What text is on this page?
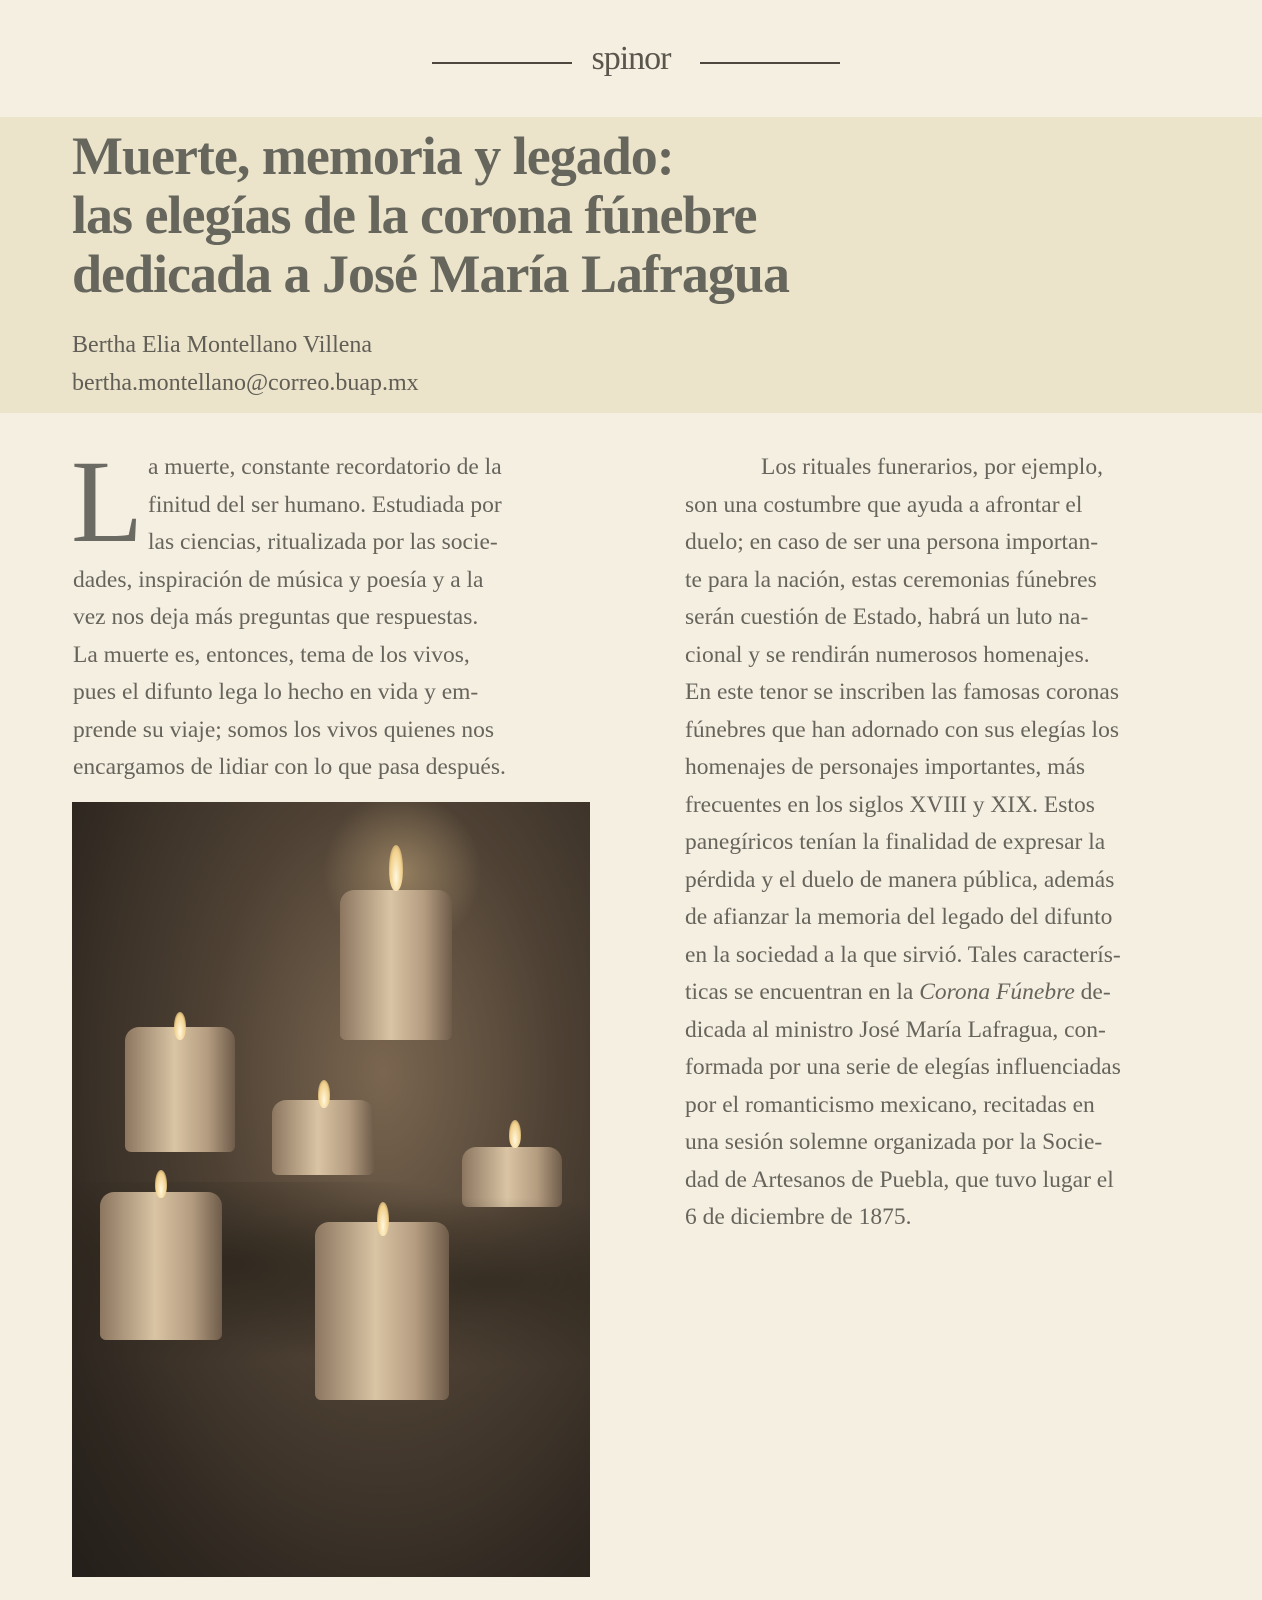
spinor
Muerte, memoria y legado:
las elegías de la corona fúnebre
dedicada a José María Lafragua
Bertha Elia Montellano Villena
bertha.montellano@correo.buap.mx
L a muerte, constante recordatorio de la
finitud del ser humano. Estudiada por
las ciencias, ritualizada por las socie-
dades, inspiración de música y poesía y a la
vez nos deja más preguntas que respuestas.
La muerte es, entonces, tema de los vivos,
pues el difunto lega lo hecho en vida y em-
prende su viaje; somos los vivos quienes nos
encargamos de lidiar con lo que pasa después.
Los rituales funerarios, por ejemplo,
son una costumbre que ayuda a afrontar el
duelo; en caso de ser una persona importan-
te para la nación, estas ceremonias fúnebres
serán cuestión de Estado, habrá un luto na-
cional y se rendirán numerosos homenajes.
En este tenor se inscriben las famosas coronas
fúnebres que han adornado con sus elegías los
homenajes de personajes importantes, más
frecuentes en los siglos XVIII y XIX. Estos
panegíricos tenían la finalidad de expresar la
pérdida y el duelo de manera pública, además
de afianzar la memoria del legado del difunto
en la sociedad a la que sirvió. Tales caracterís-
ticas se encuentran en la Corona Fúnebre de-
dicada al ministro José María Lafragua, con-
formada por una serie de elegías influenciadas
por el romanticismo mexicano, recitadas en
una sesión solemne organizada por la Socie-
dad de Artesanos de Puebla, que tuvo lugar el
6 de diciembre de 1875.
